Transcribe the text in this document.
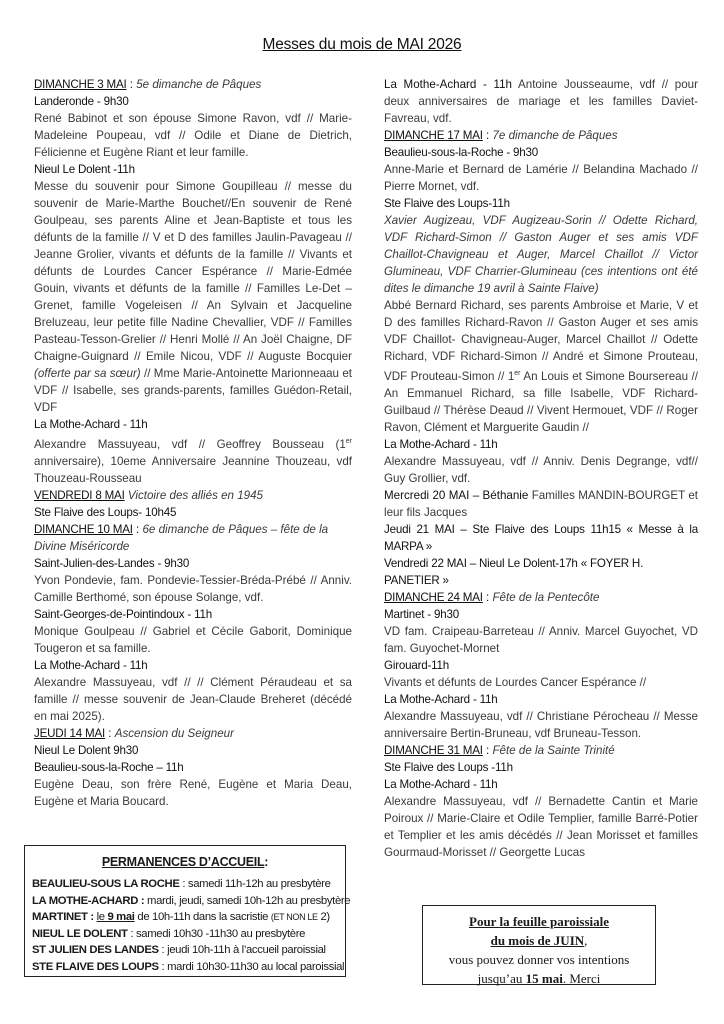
Messes du mois de MAI 2026

DIMANCHE 3 MAI : 5e dimanche de Pâques

Landeronde - 9h30

René Babinot et son épouse Simone Ravon, vdf // Marie-Madeleine Poupeau, vdf // Odile et Diane de Dietrich, Félicienne et Eugène Riant et leur famille.

Nieul Le Dolent -11h

Messe du souvenir pour Simone Goupilleau // messe du souvenir de Marie-Marthe Bouchet//En souvenir de René Goulpeau, ses parents Aline et Jean-Baptiste et tous les défunts de la famille // V et D des familles Jaulin-Pavageau // Jeanne Grolier, vivants et défunts de la famille // Vivants et défunts de Lourdes Cancer Espérance // Marie-Edmée Gouin, vivants et défunts de la famille // Familles Le-Det – Grenet, famille Vogeleisen // An Sylvain et Jacqueline Breluzeau, leur petite fille Nadine Chevallier, VDF // Familles Pasteau-Tesson-Grelier // Henri Mollé // An Joël Chaigne, DF Chaigne-Guignard // Emile Nicou, VDF // Auguste Bocquier (offerte par sa sœur) // Mme Marie-Antoinette Marionneaau et VDF // Isabelle, ses grands-parents, familles Guédon-Retail, VDF

La Mothe-Achard - 11h

Alexandre Massuyeau, vdf // Geoffrey Bousseau (1er anniversaire), 10eme Anniversaire Jeannine Thouzeau, vdf Thouzeau-Rousseau

VENDREDI 8 MAI Victoire des alliés en 1945

Ste Flaive des Loups- 10h45

DIMANCHE 10 MAI : 6e dimanche de Pâques – fête de la Divine Miséricorde

Saint-Julien-des-Landes - 9h30

Yvon Pondevie, fam. Pondevie-Tessier-Bréda-Prébé // Anniv. Camille Berthomé, son épouse Solange, vdf.

Saint-Georges-de-Pointindoux - 11h

Monique Goulpeau // Gabriel et Cécile Gaborit, Dominique Tougeron et sa famille.

La Mothe-Achard - 11h

Alexandre Massuyeau, vdf // // Clément Péraudeau et sa famille // messe souvenir de Jean-Claude Breheret (décédé en mai 2025).

JEUDI 14 MAI : Ascension du Seigneur

Nieul Le Dolent 9h30

Beaulieu-sous-la-Roche – 11h

Eugène Deau, son frère René, Eugène et Maria Deau, Eugène et Maria Boucard.

La Mothe-Achard - 11h Antoine Jousseaume, vdf // pour deux anniversaires de mariage et les familles Daviet-Favreau, vdf.

DIMANCHE 17 MAI : 7e dimanche de Pâques

Beaulieu-sous-la-Roche - 9h30

Anne-Marie et Bernard de Lamérie // Belandina Machado // Pierre Mornet, vdf.

Ste Flaive des Loups-11h

Xavier Augizeau, VDF Augizeau-Sorin // Odette Richard, VDF Richard-Simon // Gaston Auger et ses amis VDF Chaillot-Chavigneau et Auger, Marcel Chaillot // Victor Glumineau, VDF Charrier-Glumineau (ces intentions ont été dites le dimanche 19 avril à Sainte Flaive)

Abbé Bernard Richard, ses parents Ambroise et Marie, V et D des familles Richard-Ravon // Gaston Auger et ses amis VDF Chaillot- Chavigneau-Auger, Marcel Chaillot // Odette Richard, VDF Richard-Simon // André et Simone Prouteau, VDF Prouteau-Simon // 1er An Louis et Simone Boursereau // An Emmanuel Richard, sa fille Isabelle, VDF Richard-Guilbaud // Thérèse Deaud // Vivent Hermouet, VDF // Roger Ravon, Clément et Marguerite Gaudin //

La Mothe-Achard - 11h

Alexandre Massuyeau, vdf // Anniv. Denis Degrange, vdf// Guy Grollier, vdf.

Mercredi 20 MAI – Béthanie Familles MANDIN-BOURGET et leur fils Jacques

Jeudi 21 MAI – Ste Flaive des Loups 11h15 « Messe à la MARPA »

Vendredi 22 MAI – Nieul Le Dolent-17h « FOYER H. PANETIER »

DIMANCHE 24 MAI : Fête de la Pentecôte

Martinet - 9h30

VD fam. Craipeau-Barreteau // Anniv. Marcel Guyochet, VD fam. Guyochet-Mornet

Girouard-11h

Vivants et défunts de Lourdes Cancer Espérance //

La Mothe-Achard - 11h

Alexandre Massuyeau, vdf // Christiane Pérocheau // Messe anniversaire Bertin-Bruneau, vdf Bruneau-Tesson.

DIMANCHE 31 MAI : Fête de la Sainte Trinité

Ste Flaive des Loups -11h

La Mothe-Achard - 11h

Alexandre Massuyeau, vdf // Bernadette Cantin et Marie Poiroux // Marie-Claire et Odile Templier, famille Barré-Potier et Templier et les amis décédés // Jean Morisset et familles Gourmaud-Morisset // Georgette Lucas

PERMANENCES D’ACCUEIL:
BEAULIEU-SOUS LA ROCHE : samedi 11h-12h au presbytère
LA MOTHE-ACHARD : mardi, jeudi, samedi 10h-12h au presbytère
MARTINET : le 9 mai de 10h-11h dans la sacristie (ET NON LE 2)
NIEUL LE DOLENT : samedi 10h30 -11h30 au presbytère
ST JULIEN DES LANDES : jeudi 10h-11h à l’accueil paroissial
STE FLAIVE DES LOUPS : mardi 10h30-11h30 au local paroissial
Pour la feuille paroissiale
du mois de JUIN,
vous pouvez donner vos intentions
jusqu’au 15 mai. Merci
